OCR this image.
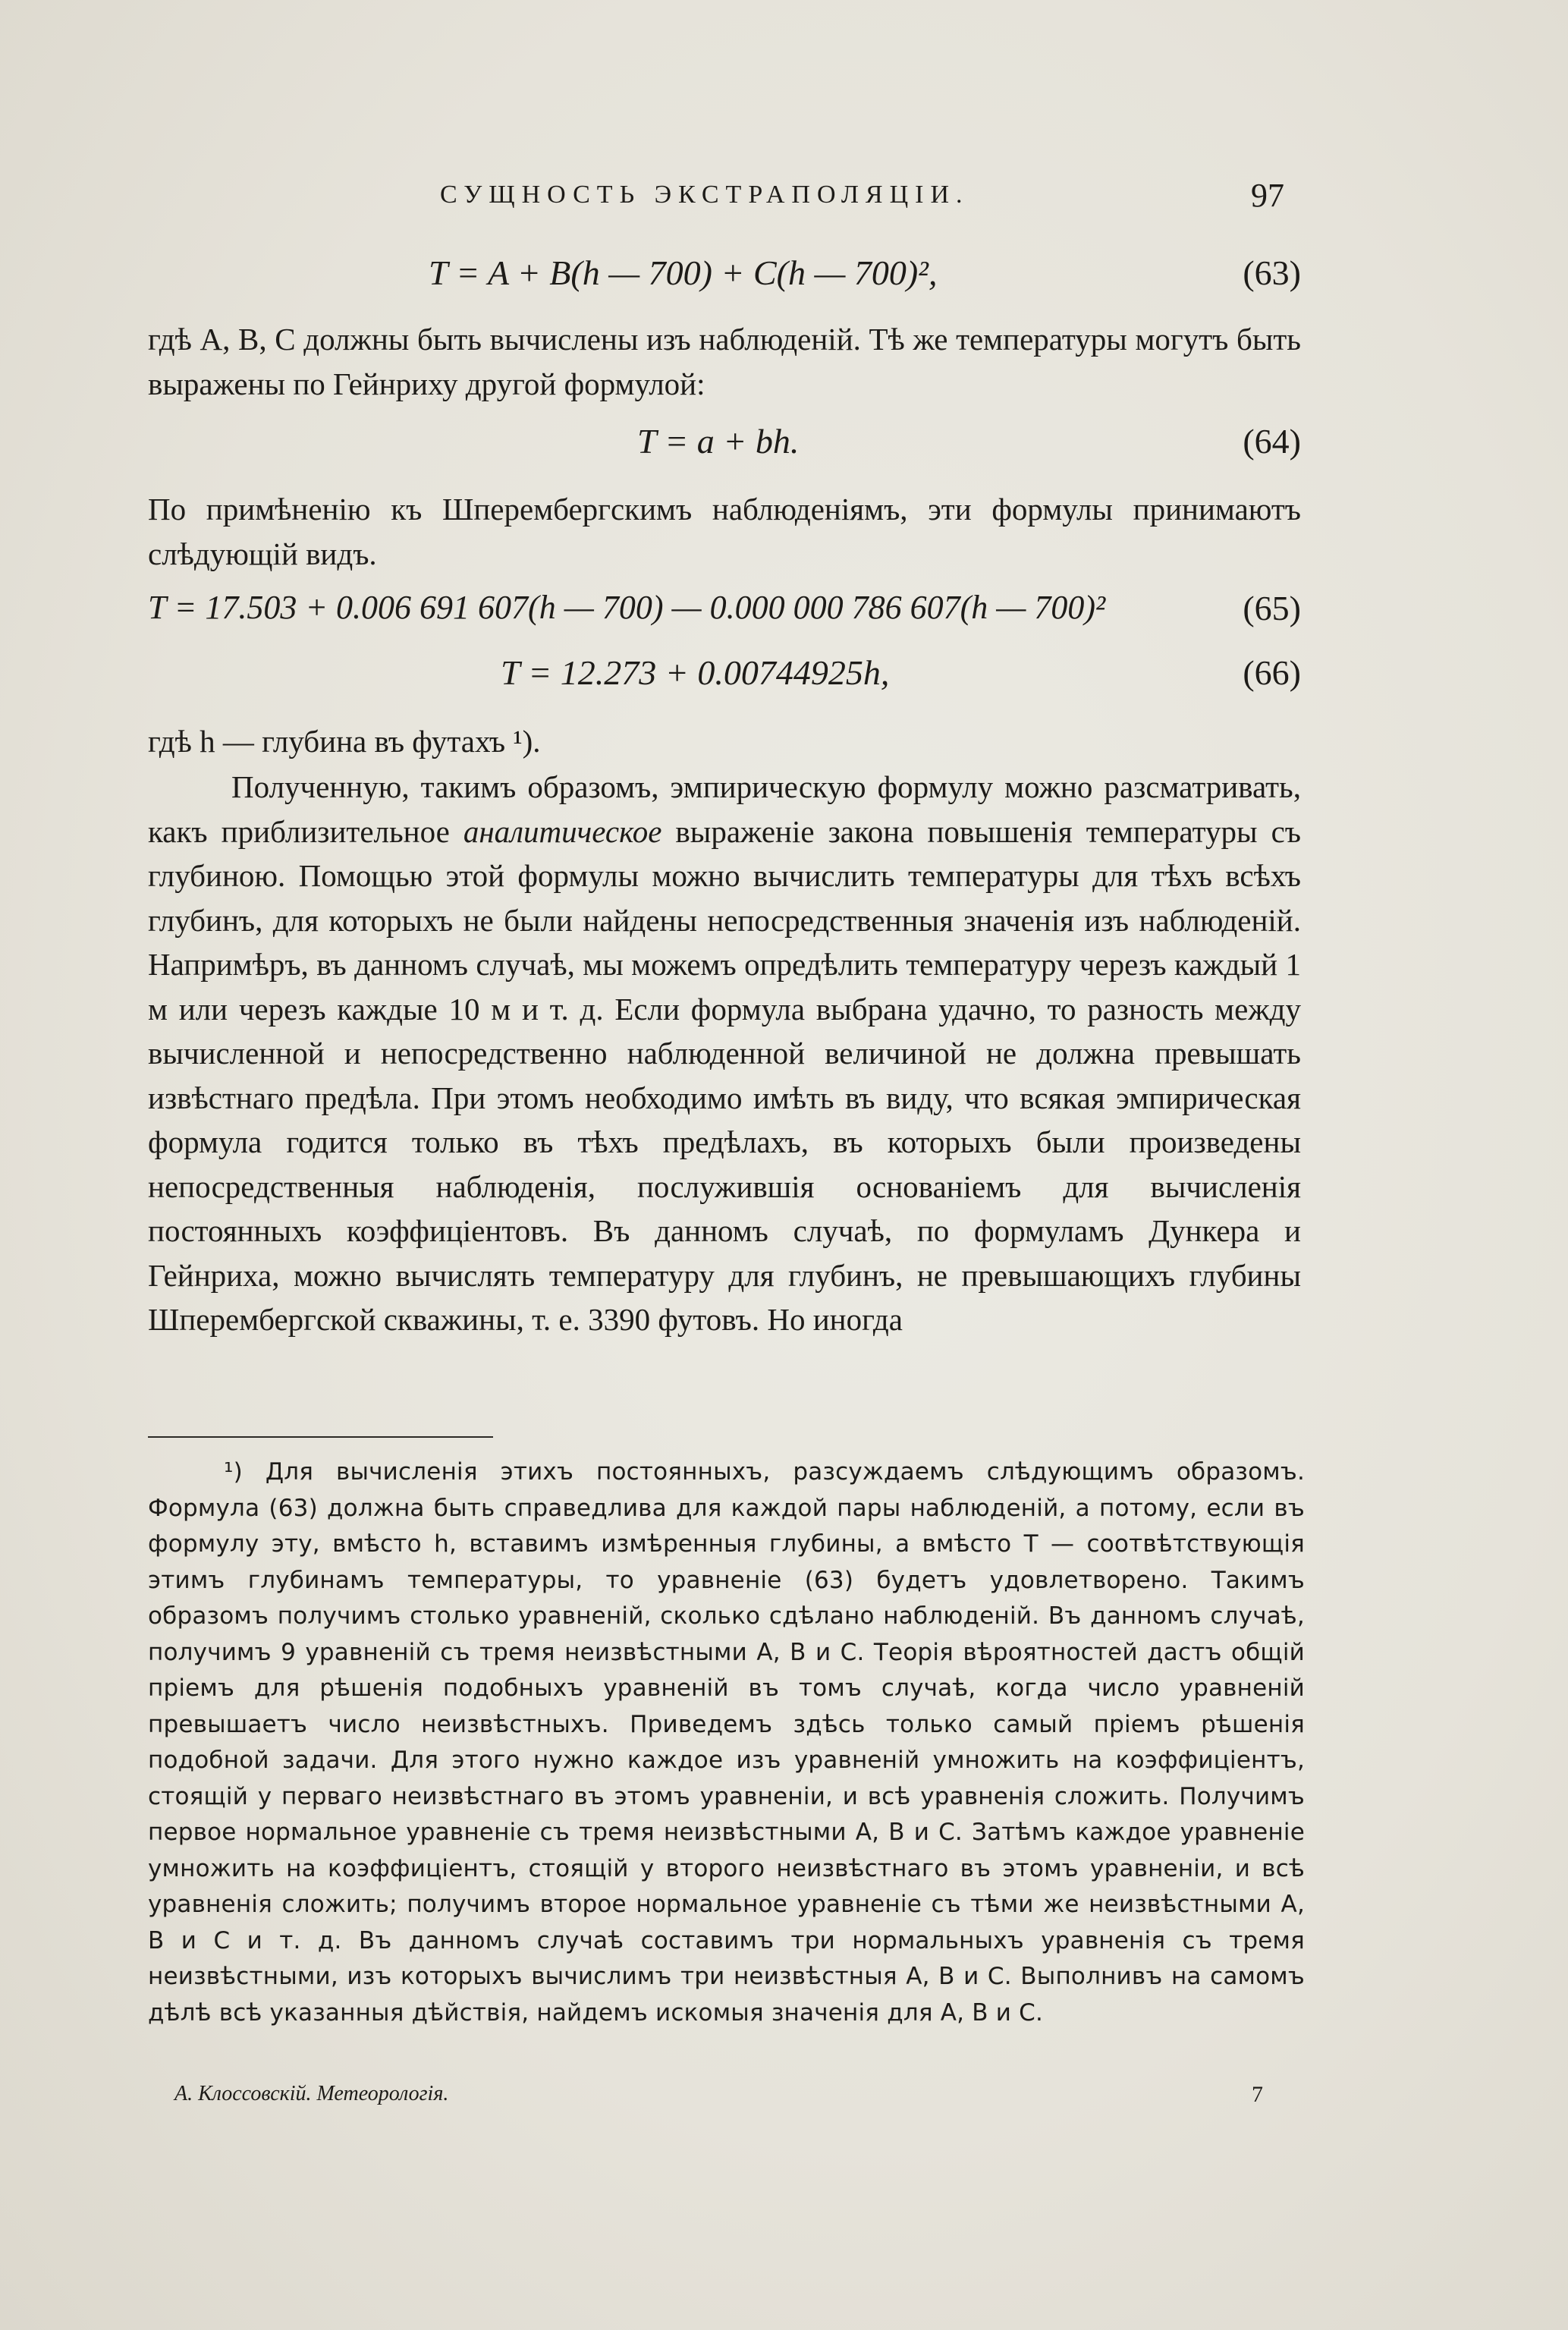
СУЩНОСТЬ ЭКСТРАПОЛЯЦІИ.	97
T = A + B(h — 700) + C(h — 700)²,	(63)
гдѣ A, B, C должны быть вычислены изъ наблюденій. Тѣ же температуры могутъ быть выражены по Гейнриху другой формулой:
T = a + bh.	(64)
По примѣненію къ Шперембергскимъ наблюденіямъ, эти формулы принимаютъ слѣдующій видъ.
T = 17.503 + 0.006 691 607(h — 700) — 0.000 000 786 607(h — 700)²	(65)
T = 12.273 + 0.00744925h,	(66)
гдѣ h — глубина въ футахъ ¹).
Полученную, такимъ образомъ, эмпирическую формулу можно разсматривать, какъ приблизительное аналитическое выраженіе закона повышенія температуры съ глубиною. Помощью этой формулы можно вычислить температуры для тѣхъ всѣхъ глубинъ, для которыхъ не были найдены непосредственныя значенія изъ наблюденій. Напримѣръ, въ данномъ случаѣ, мы можемъ опредѣлить температуру черезъ каждый 1 м или черезъ каждые 10 м и т. д. Если формула выбрана удачно, то разность между вычисленной и непосредственно наблюденной величиной не должна превышать извѣстнаго предѣла. При этомъ необходимо имѣть въ виду, что всякая эмпирическая формула годится только въ тѣхъ предѣлахъ, въ которыхъ были произведены непосредственныя наблюденія, послужившія основаніемъ для вычисленія постоянныхъ коэффиціентовъ. Въ данномъ случаѣ, по формуламъ Дункера и Гейнриха, можно вычислять температуру для глубинъ, не превышающихъ глубины Шперембергской скважины, т. е. 3390 футовъ. Но иногда
¹) Для вычисленія этихъ постоянныхъ, разсуждаемъ слѣдующимъ образомъ. Формула (63) должна быть справедлива для каждой пары наблюденій, а потому, если въ формулу эту, вмѣсто h, вставимъ измѣренныя глубины, а вмѣсто T — соотвѣтствующія этимъ глубинамъ температуры, то уравненіе (63) будетъ удовлетворено. Такимъ образомъ получимъ столько уравненій, сколько сдѣлано наблюденій. Въ данномъ случаѣ, получимъ 9 уравненій съ тремя неизвѣстными A, B и C. Теорія вѣроятностей дастъ общій пріемъ для рѣшенія подобныхъ уравненій въ томъ случаѣ, когда число уравненій превышаетъ число неизвѣстныхъ. Приведемъ здѣсь только самый пріемъ рѣшенія подобной задачи. Для этого нужно каждое изъ уравненій умножить на коэффиціентъ, стоящій у перваго неизвѣстнаго въ этомъ уравненіи, и всѣ уравненія сложить. Получимъ первое нормальное уравненіе съ тремя неизвѣстными A, B и C. Затѣмъ каждое уравненіе умножить на коэффиціентъ, стоящій у второго неизвѣстнаго въ этомъ уравненіи, и всѣ уравненія сложить; получимъ второе нормальное уравненіе съ тѣми же неизвѣстными A, B и C и т. д. Въ данномъ случаѣ составимъ три нормальныхъ уравненія съ тремя неизвѣстными, изъ которыхъ вычислимъ три неизвѣстныя A, B и C. Выполнивъ на самомъ дѣлѣ всѣ указанныя дѣйствія, найдемъ искомыя значенія для A, B и C.
А. Клоссовскій. Метеорологія.	7
